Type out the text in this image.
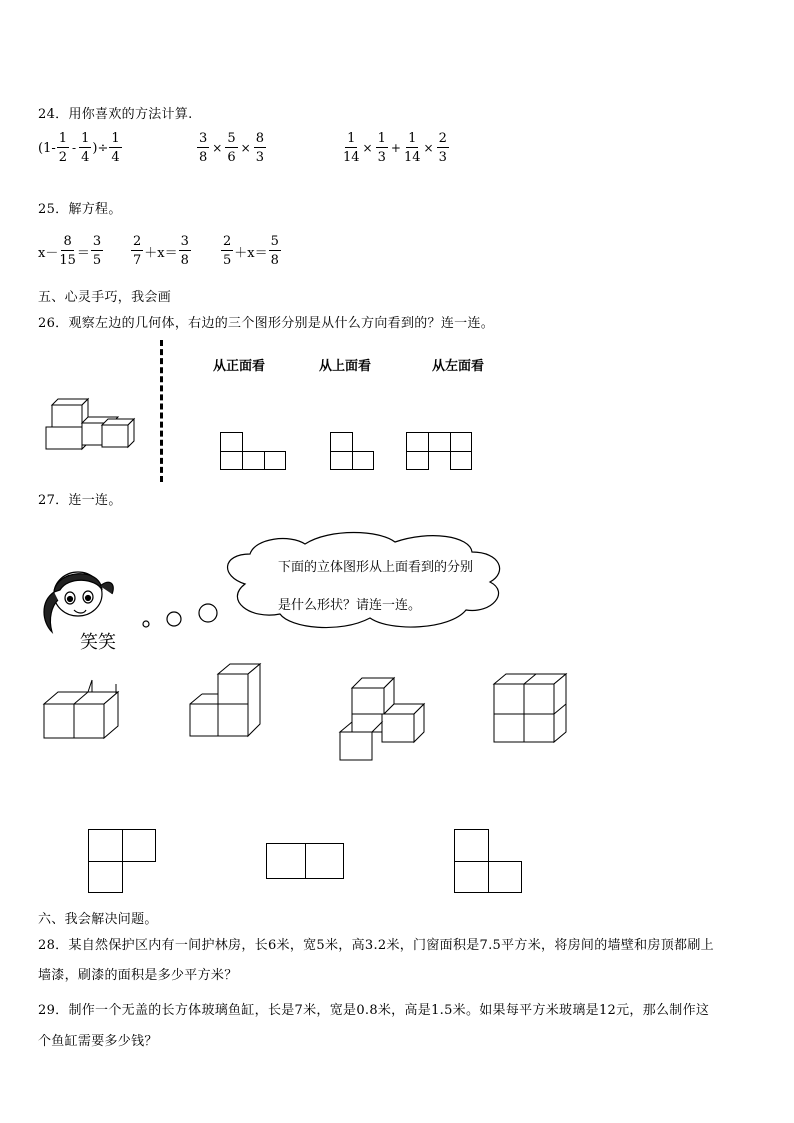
24．用你喜欢的方法计算.
($1- \frac{1}{2} - \frac{1}{4}$ )÷ $\frac{1}{4}$	$\frac{3}{8} \times \frac{5}{6} \times \frac{8}{3}$	$\frac{1}{14} \times \frac{1}{3} + \frac{1}{14} \times \frac{2}{3}$
25．解方程。
$x- \frac{8}{15} = \frac{3}{5} \frac{2}{7} +x= \frac{3}{8} \frac{2}{5} +x= \frac{5}{8}$
五、心灵手巧，我会画
26．观察左边的几何体，右边的三个图形分别是从什么方向看到的？连一连。
从正面看	从上面看	从左面看
27．连一连。
笑笑
下面的立体图形从上面看到的分别
是什么形状？请连一连。
六、我会解决问题。
28．某自然保护区内有一间护林房，长6米，宽5米，高3.2米，门窗面积是7.5平方米，将房间的墙壁和房顶都刷上
墙漆，刷漆的面积是多少平方米？
29．制作一个无盖的长方体玻璃鱼缸，长是7米，宽是0.8米，高是1.5米。如果每平方米玻璃是12元，那么制作这
个鱼缸需要多少钱？
